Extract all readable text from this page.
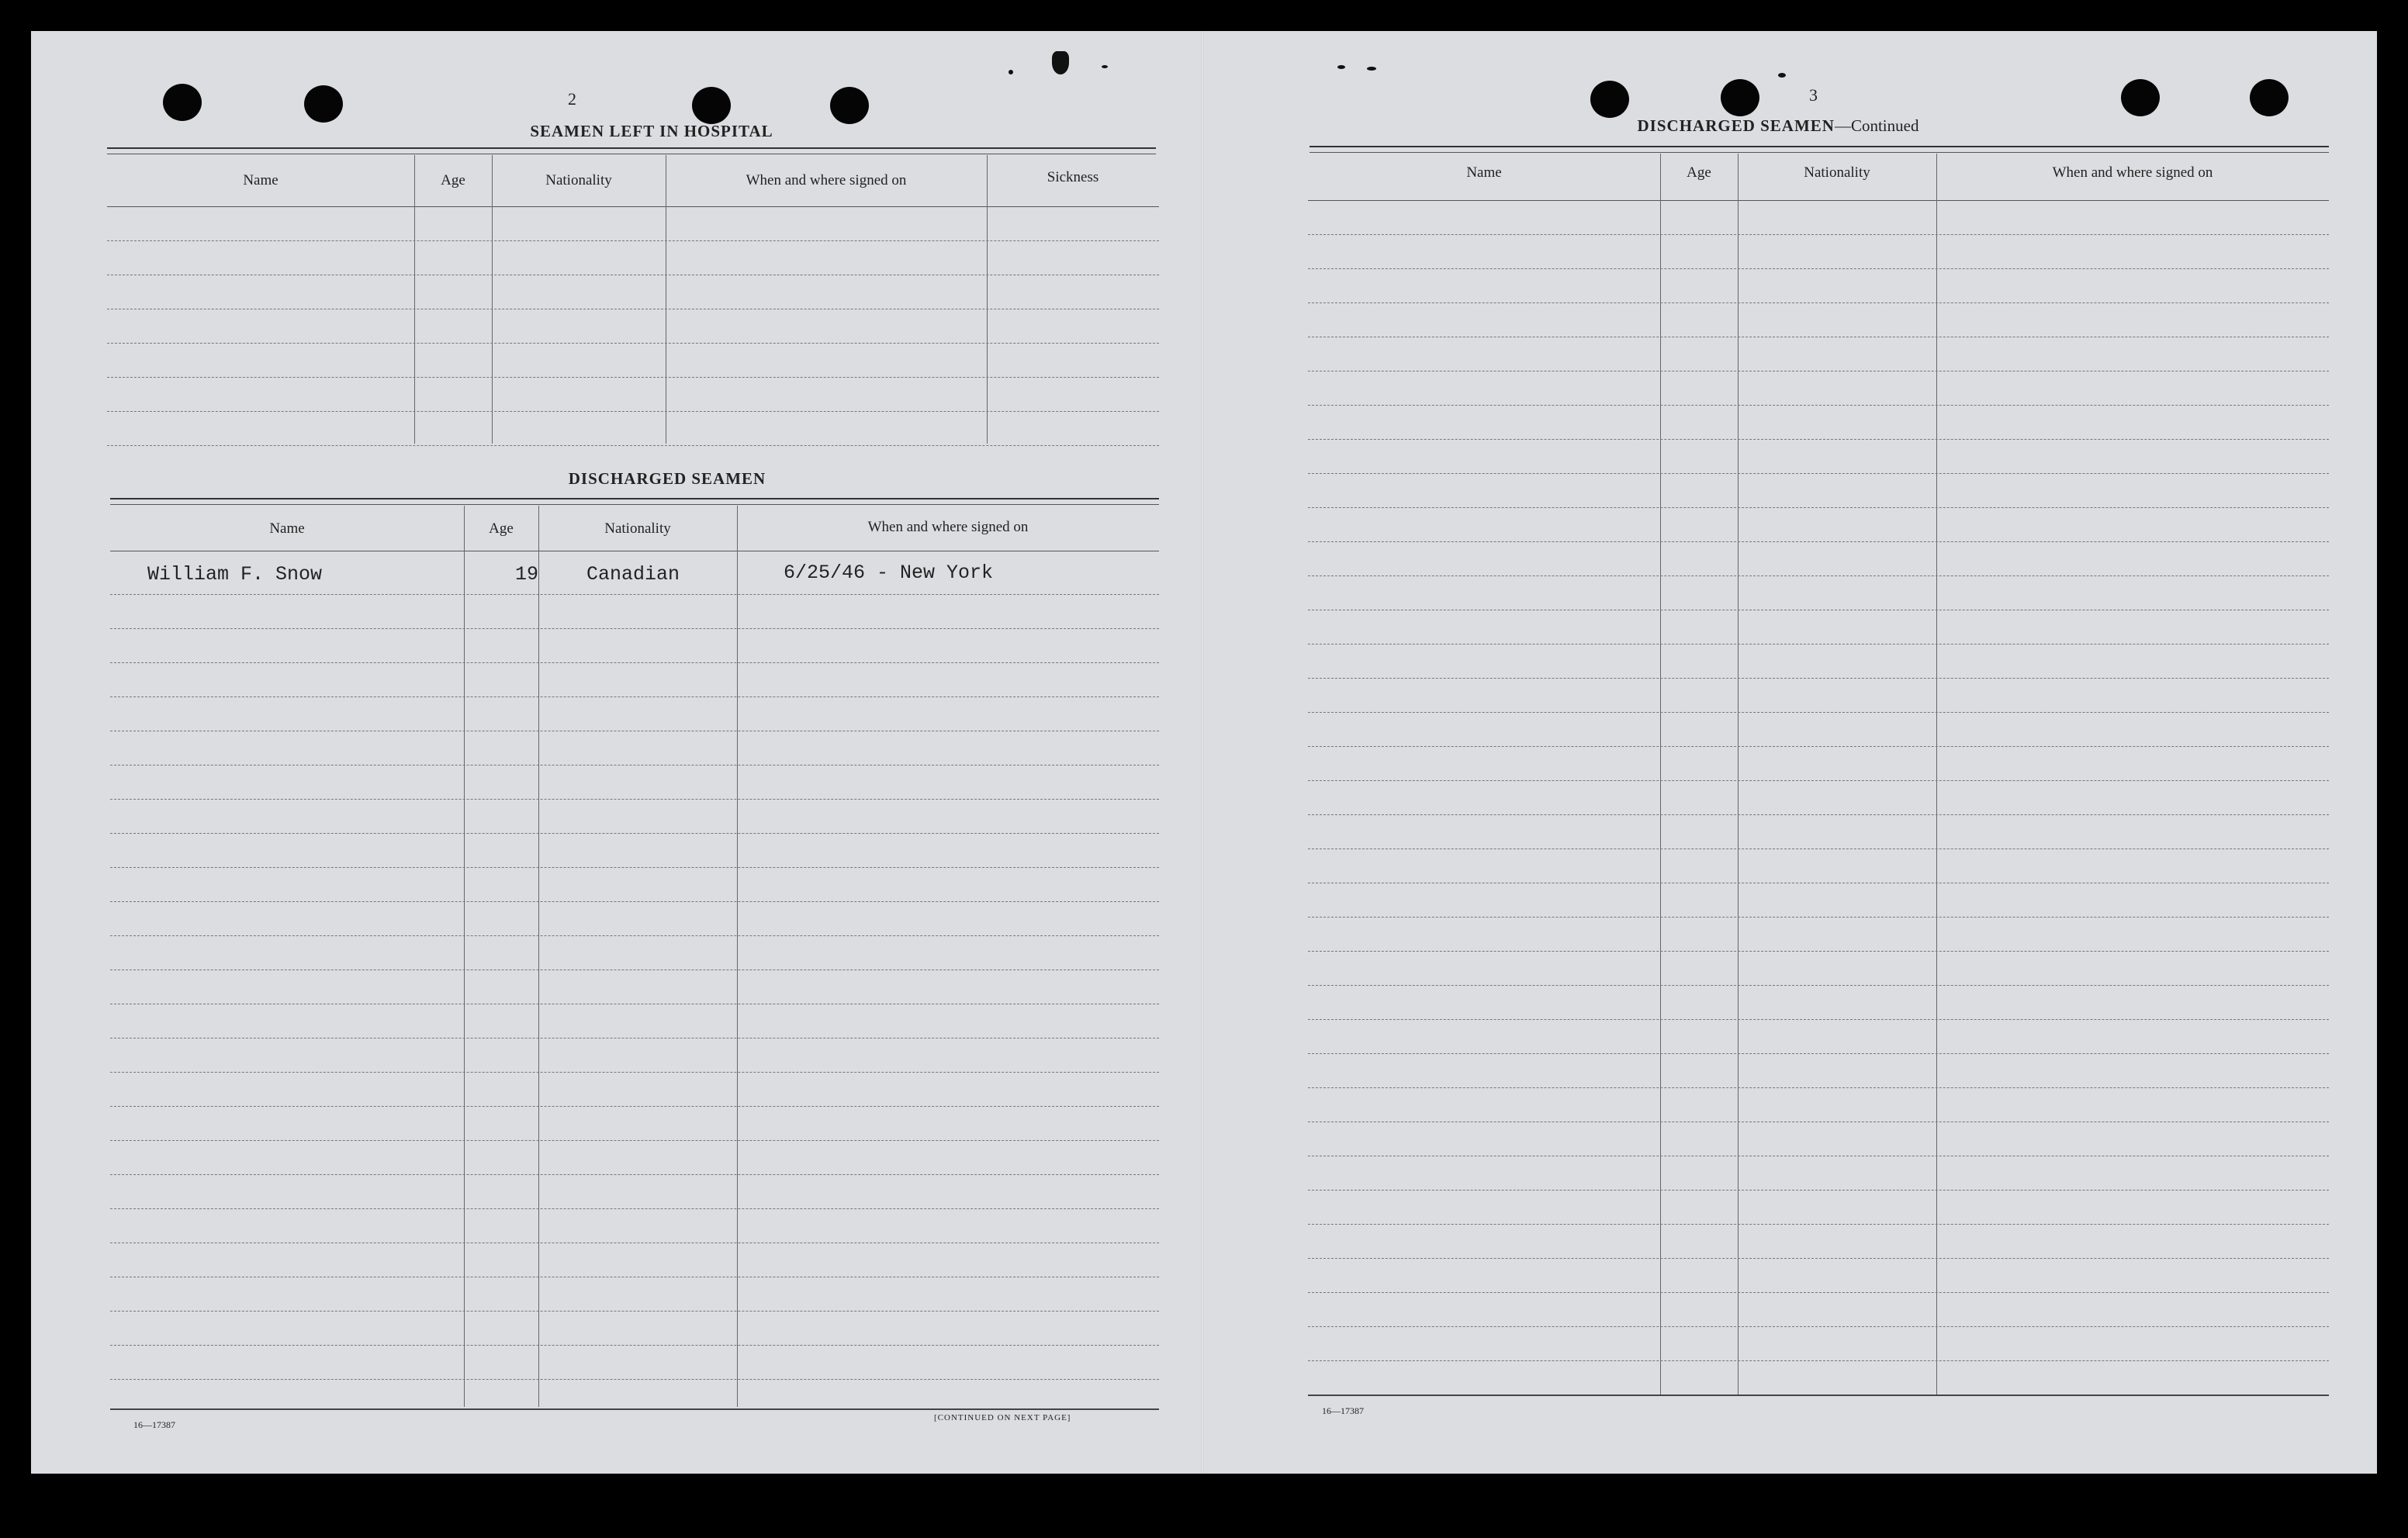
2
SEAMEN LEFT IN HOSPITAL
Name	Age	Nationality	When and where signed on	Sickness
DISCHARGED SEAMEN
Name	Age	Nationality	When and where signed on
William F. Snow	19 Canadian	6/25/46 - New York
16—17387
[CONTINUED ON NEXT PAGE]
3
DISCHARGED SEAMEN—Continued
Name	Age	Nationality	When and where signed on
16—17387
